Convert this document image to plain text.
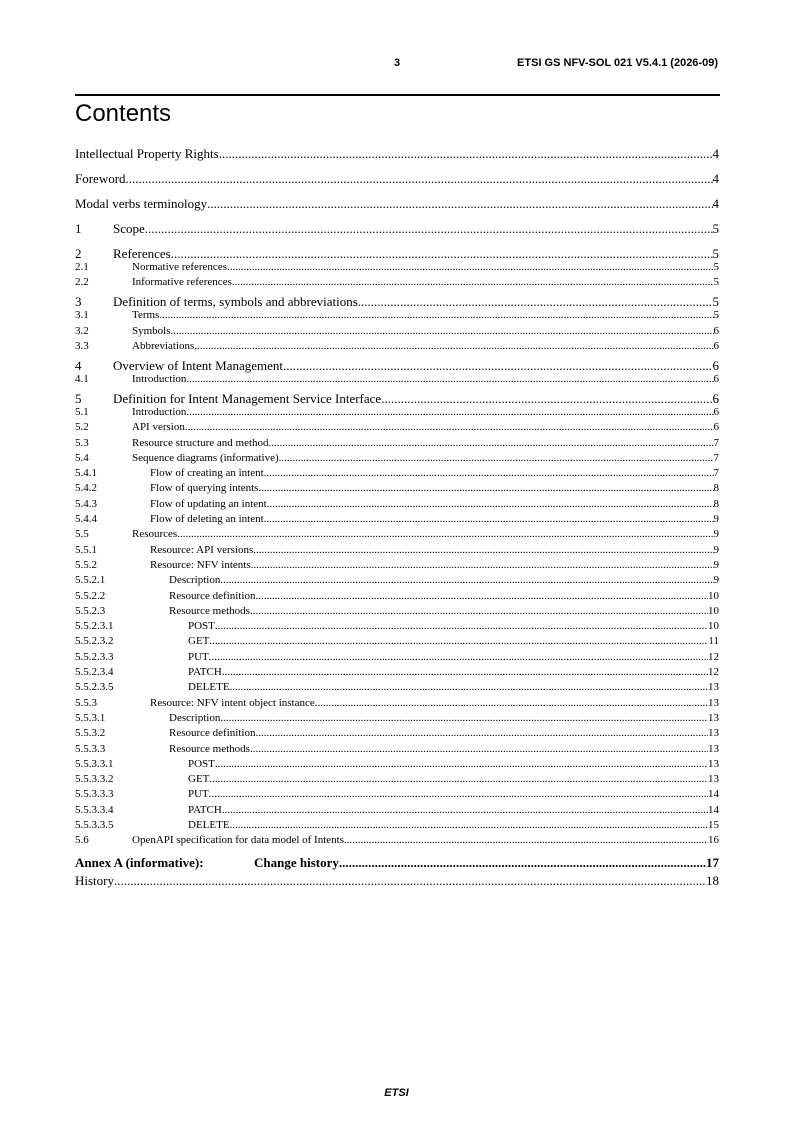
3	ETSI GS NFV-SOL 021 V5.4.1 (2026-09)
Contents
Intellectual Property Rights .....	4
Foreword .....	4
Modal verbs terminology .....	4
1	Scope .....	5
2	References .....	5
2.1	Normative references .....	5
2.2	Informative references .....	5
3	Definition of terms, symbols and abbreviations .....	5
3.1	Terms .....	5
3.2	Symbols .....	6
3.3	Abbreviations .....	6
4	Overview of Intent Management .....	6
4.1	Introduction .....	6
5	Definition for Intent Management Service Interface .....	6
5.1	Introduction .....	6
5.2	API version .....	6
5.3	Resource structure and method .....	7
5.4	Sequence diagrams (informative) .....	7
5.4.1	Flow of creating an intent .....	7
5.4.2	Flow of querying intents .....	8
5.4.3	Flow of updating an intent .....	8
5.4.4	Flow of deleting an intent .....	9
5.5	Resources .....	9
5.5.1	Resource: API versions .....	9
5.5.2	Resource: NFV intents .....	9
5.5.2.1	Description .....	9
5.5.2.2	Resource definition .....	10
5.5.2.3	Resource methods .....	10
5.5.2.3.1	POST .....	10
5.5.2.3.2	GET .....	11
5.5.2.3.3	PUT .....	12
5.5.2.3.4	PATCH .....	12
5.5.2.3.5	DELETE .....	13
5.5.3	Resource: NFV intent object instance .....	13
5.5.3.1	Description .....	13
5.5.3.2	Resource definition .....	13
5.5.3.3	Resource methods .....	13
5.5.3.3.1	POST .....	13
5.5.3.3.2	GET .....	13
5.5.3.3.3	PUT .....	14
5.5.3.3.4	PATCH .....	14
5.5.3.3.5	DELETE .....	15
5.6	OpenAPI specification for data model of Intents .....	16
Annex A (informative):	Change history .....	17
History .....	18
ETSI
